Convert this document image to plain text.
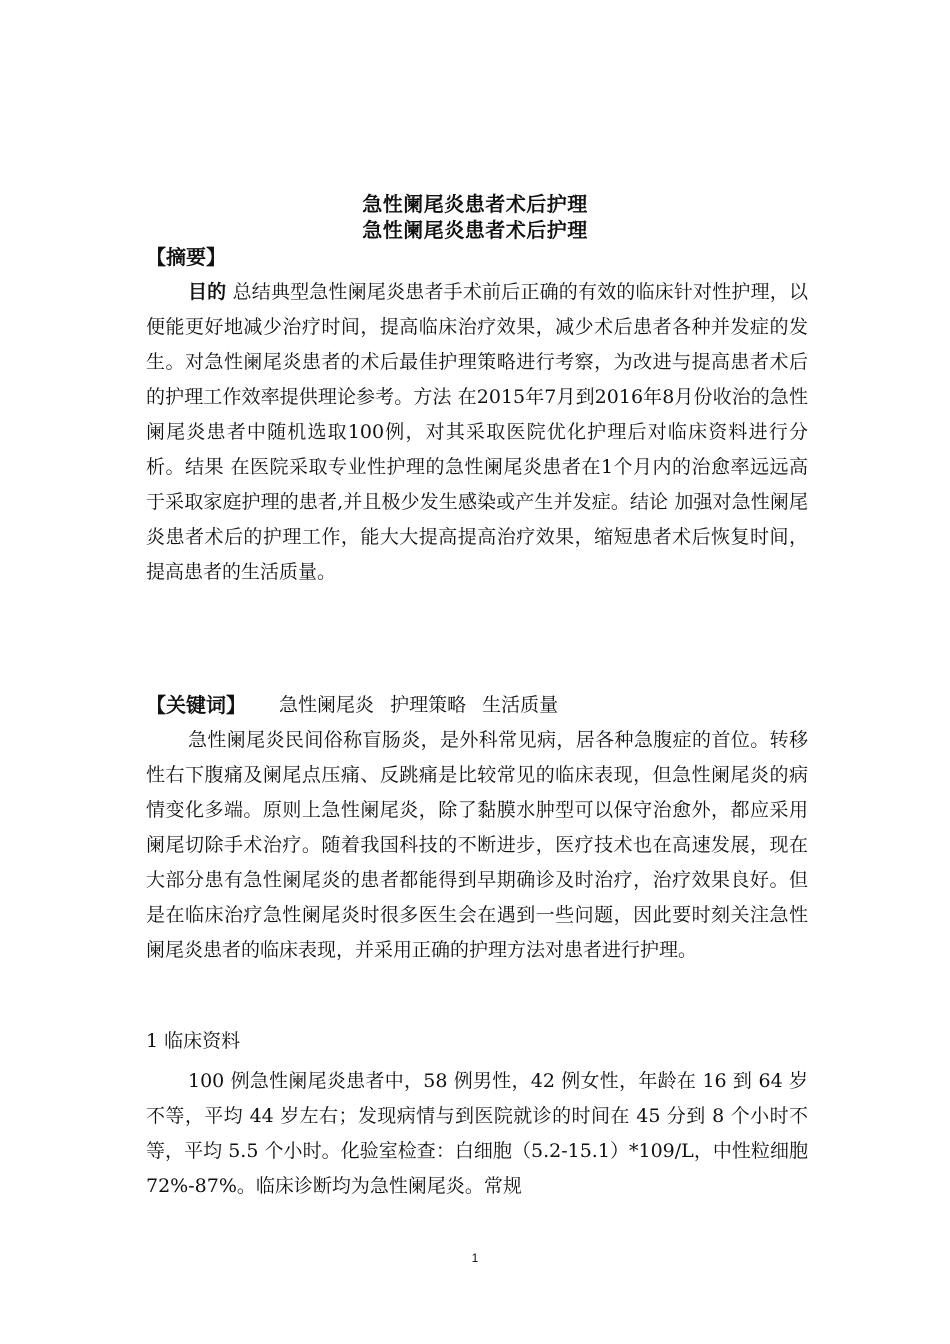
急性阑尾炎患者术后护理
急性阑尾炎患者术后护理
【摘要】

目的 总结典型急性阑尾炎患者手术前后正确的有效的临床针对性护理，以便能更好地减少治疗时间，提高临床治疗效果，减少术后患者各种并发症的发生。对急性阑尾炎患者的术后最佳护理策略进行考察，为改进与提高患者术后的护理工作效率提供理论参考。方法 在2015年7月到2016年8月份收治的急性阑尾炎患者中随机选取100例，对其采取医院优化护理后对临床资料进行分析。结果 在医院采取专业性护理的急性阑尾炎患者在1个月内的治愈率远远高于采取家庭护理的患者,并且极少发生感染或产生并发症。结论 加强对急性阑尾炎患者术后的护理工作，能大大提高提高治疗效果，缩短患者术后恢复时间，提高患者的生活质量。

【关键词】 急性阑尾炎 护理策略 生活质量

急性阑尾炎民间俗称盲肠炎，是外科常见病，居各种急腹症的首位。转移性右下腹痛及阑尾点压痛、反跳痛是比较常见的临床表现，但急性阑尾炎的病情变化多端。原则上急性阑尾炎，除了黏膜水肿型可以保守治愈外，都应采用阑尾切除手术治疗。随着我国科技的不断进步，医疗技术也在高速发展，现在大部分患有急性阑尾炎的患者都能得到早期确诊及时治疗，治疗效果良好。但是在临床治疗急性阑尾炎时很多医生会在遇到一些问题，因此要时刻关注急性阑尾炎患者的临床表现，并采用正确的护理方法对患者进行护理。

1 临床资料

100 例急性阑尾炎患者中，58 例男性，42 例女性，年龄在 16 到 64 岁不等，平均 44 岁左右；发现病情与到医院就诊的时间在 45 分到 8 个小时不等，平均 5.5 个小时。化验室检查：白细胞（5.2-15.1）*109/L，中性粒细胞 72%-87%。临床诊断均为急性阑尾炎。常规

1
